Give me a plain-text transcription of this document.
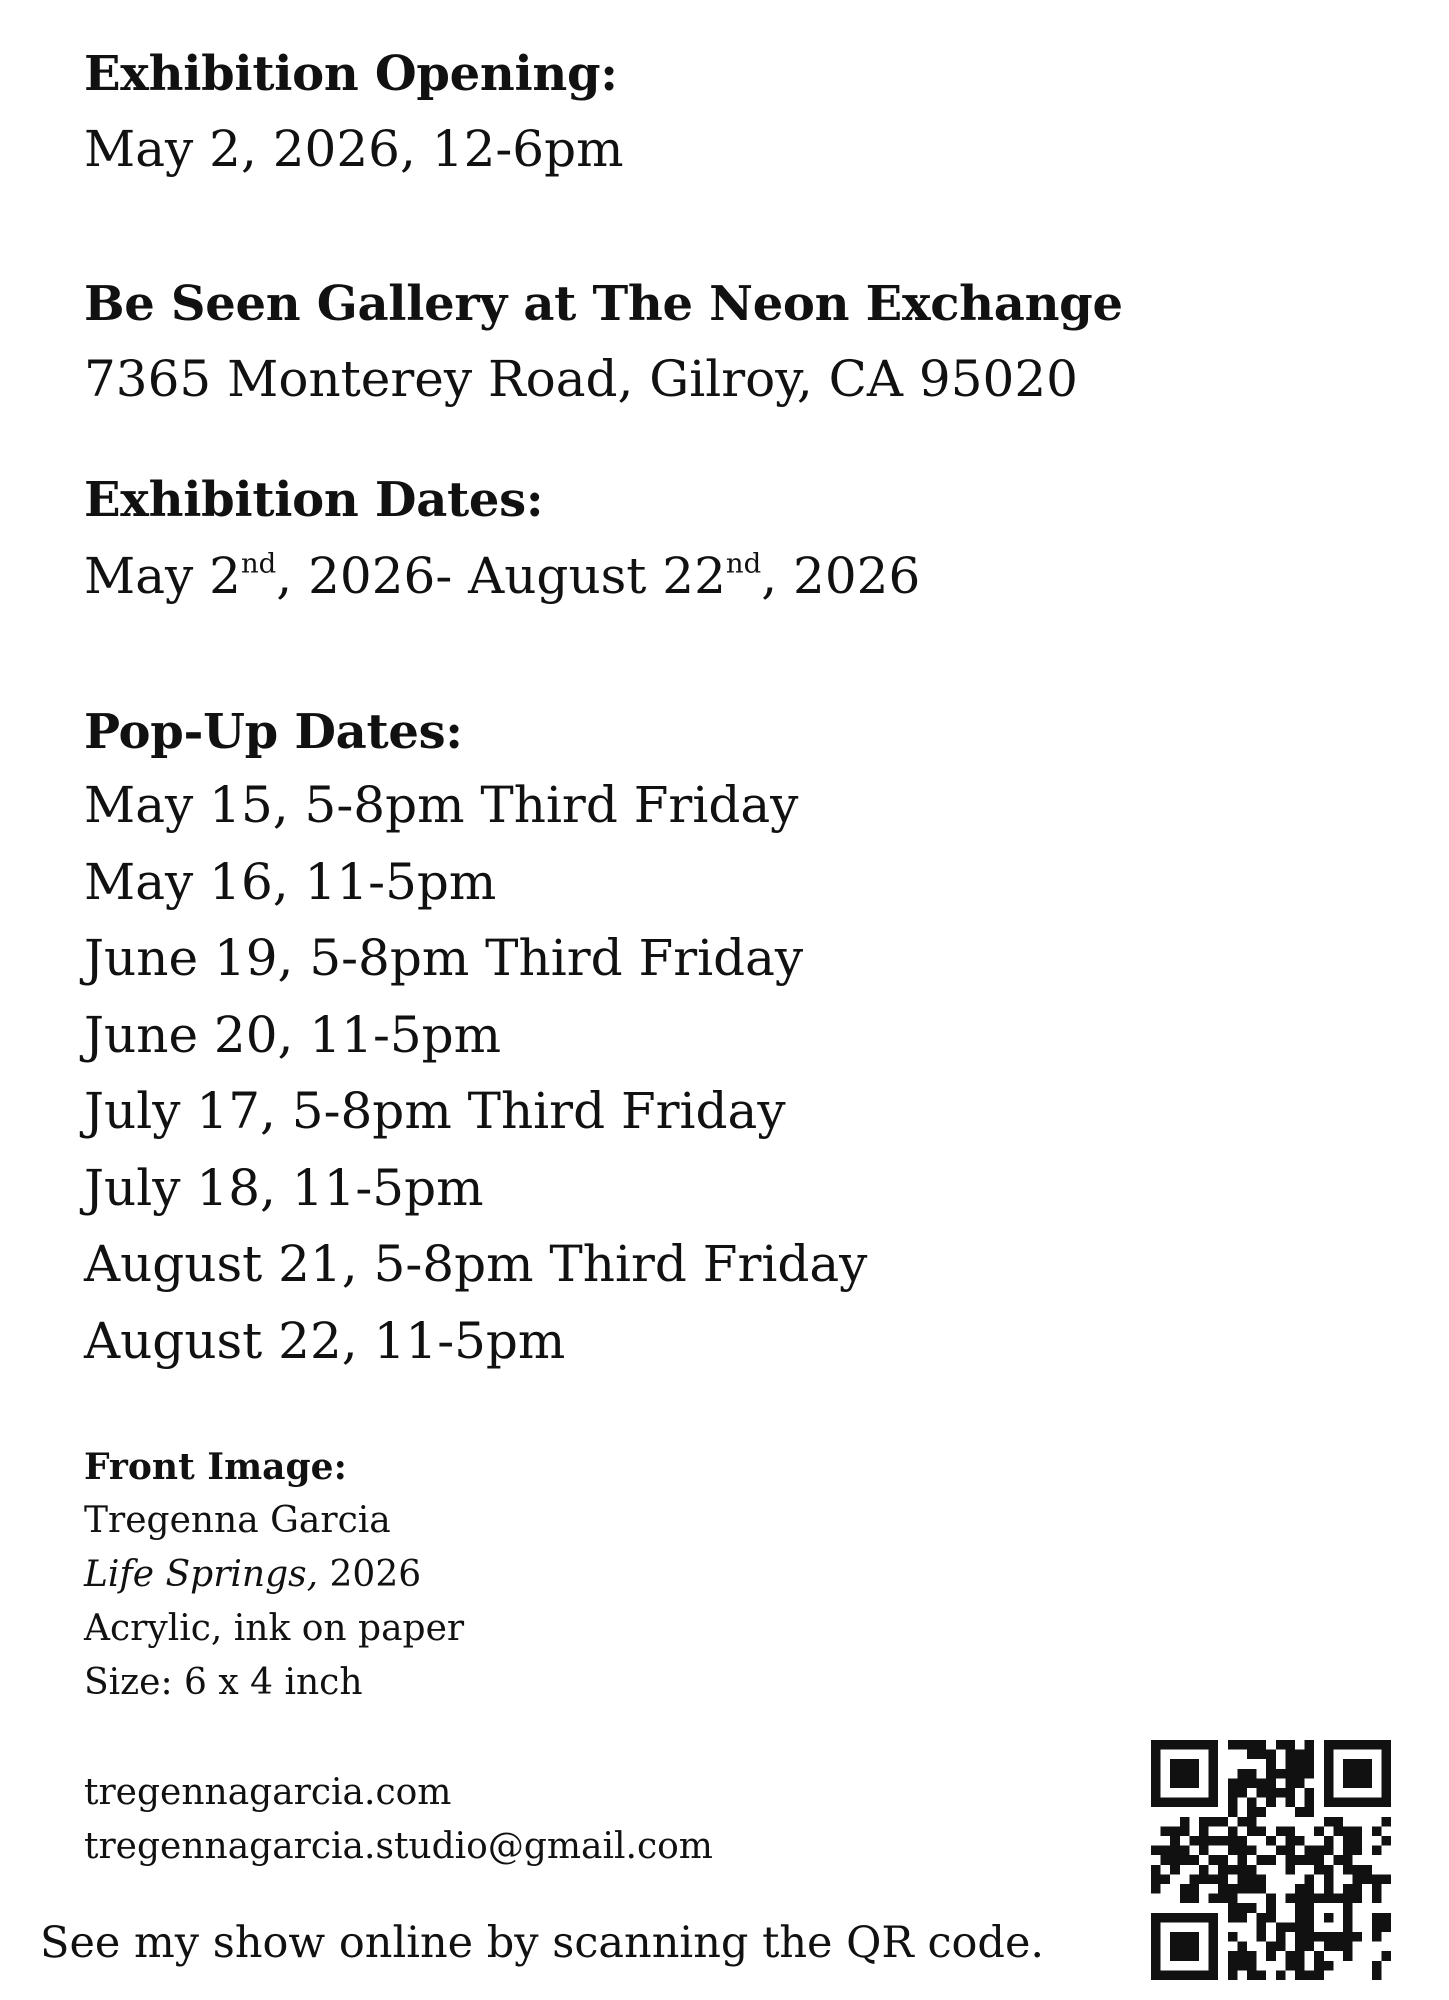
Exhibition Opening:
May 2, 2026, 12-6pm
Be Seen Gallery at The Neon Exchange
7365 Monterey Road, Gilroy, CA 95020
Exhibition Dates:
May 2nd, 2026- August 22nd, 2026
Pop-Up Dates:
May 15, 5-8pm Third Friday
May 16, 11-5pm
June 19, 5-8pm Third Friday
June 20, 11-5pm
July 17, 5-8pm Third Friday
July 18, 11-5pm
August 21, 5-8pm Third Friday
August 22, 11-5pm
Front Image:
Tregenna Garcia
Life Springs, 2026
Acrylic, ink on paper
Size: 6 x 4 inch
tregennagarcia.com
tregennagarcia.studio@gmail.com
See my show online by scanning the QR code.
